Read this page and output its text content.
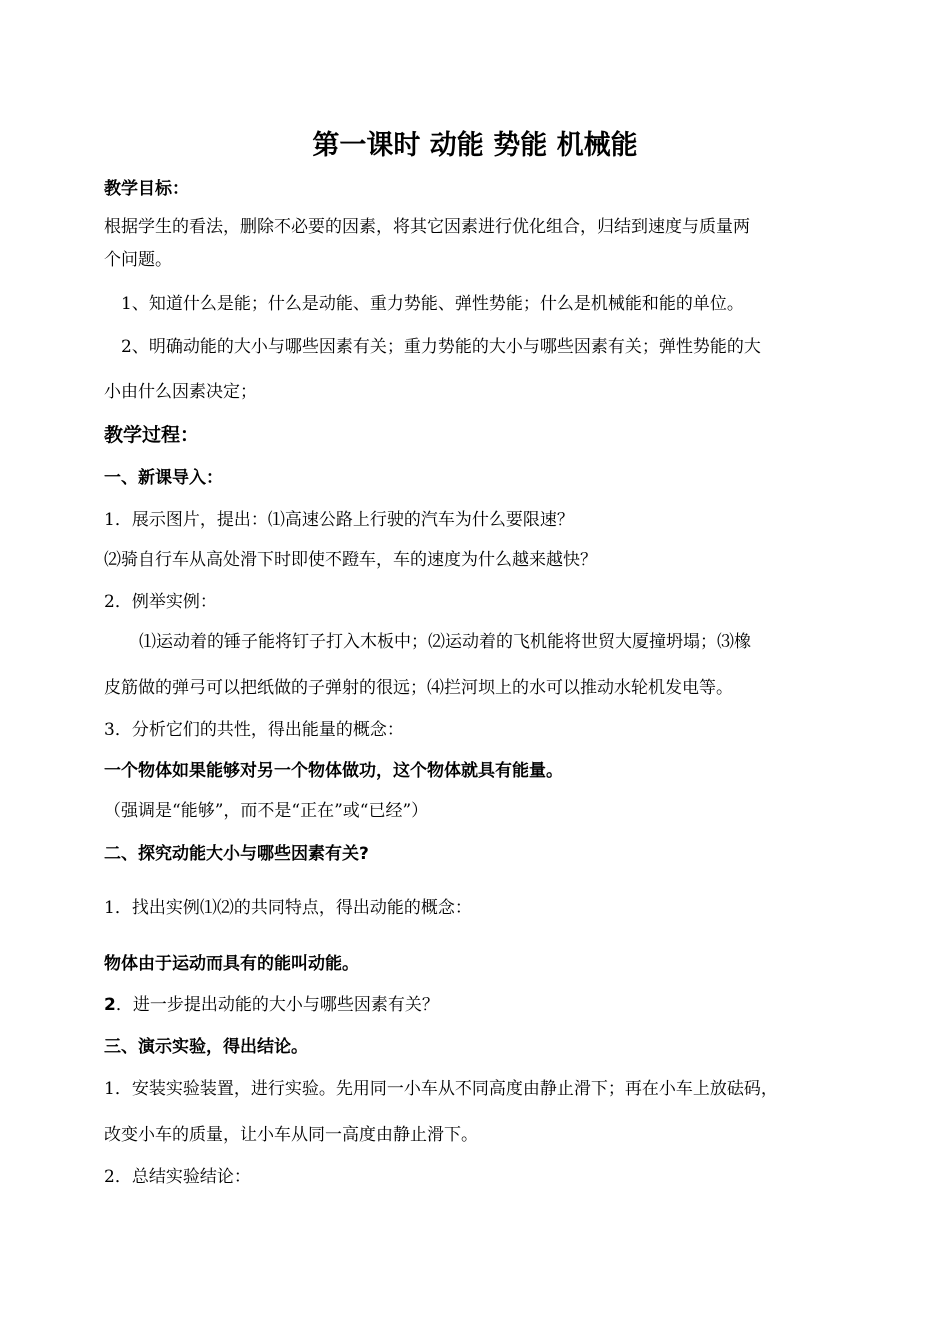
第一课时 动能 势能 机械能
教学目标：
根据学生的看法，删除不必要的因素，将其它因素进行优化组合，归结到速度与质量两
个问题。
1、知道什么是能；什么是动能、重力势能、弹性势能；什么是机械能和能的单位。
2、明确动能的大小与哪些因素有关；重力势能的大小与哪些因素有关；弹性势能的大
小由什么因素决定；
教学过程：
一、新课导入：
1．展示图片，提出：⑴高速公路上行驶的汽车为什么要限速？
⑵骑自行车从高处滑下时即使不蹬车，车的速度为什么越来越快？
2．例举实例：
⑴运动着的锤子能将钉子打入木板中；⑵运动着的飞机能将世贸大厦撞坍塌；⑶橡
皮筋做的弹弓可以把纸做的子弹射的很远；⑷拦河坝上的水可以推动水轮机发电等。
3．分析它们的共性，得出能量的概念：
一个物体如果能够对另一个物体做功，这个物体就具有能量。
（强调是“能够”，而不是“正在”或“已经”）
二、探究动能大小与哪些因素有关?
1．找出实例⑴⑵的共同特点，得出动能的概念：
物体由于运动而具有的能叫动能。
2．进一步提出动能的大小与哪些因素有关？
三、演示实验，得出结论。
1．安装实验装置，进行实验。先用同一小车从不同高度由静止滑下；再在小车上放砝码，
改变小车的质量，让小车从同一高度由静止滑下。
2．总结实验结论：
